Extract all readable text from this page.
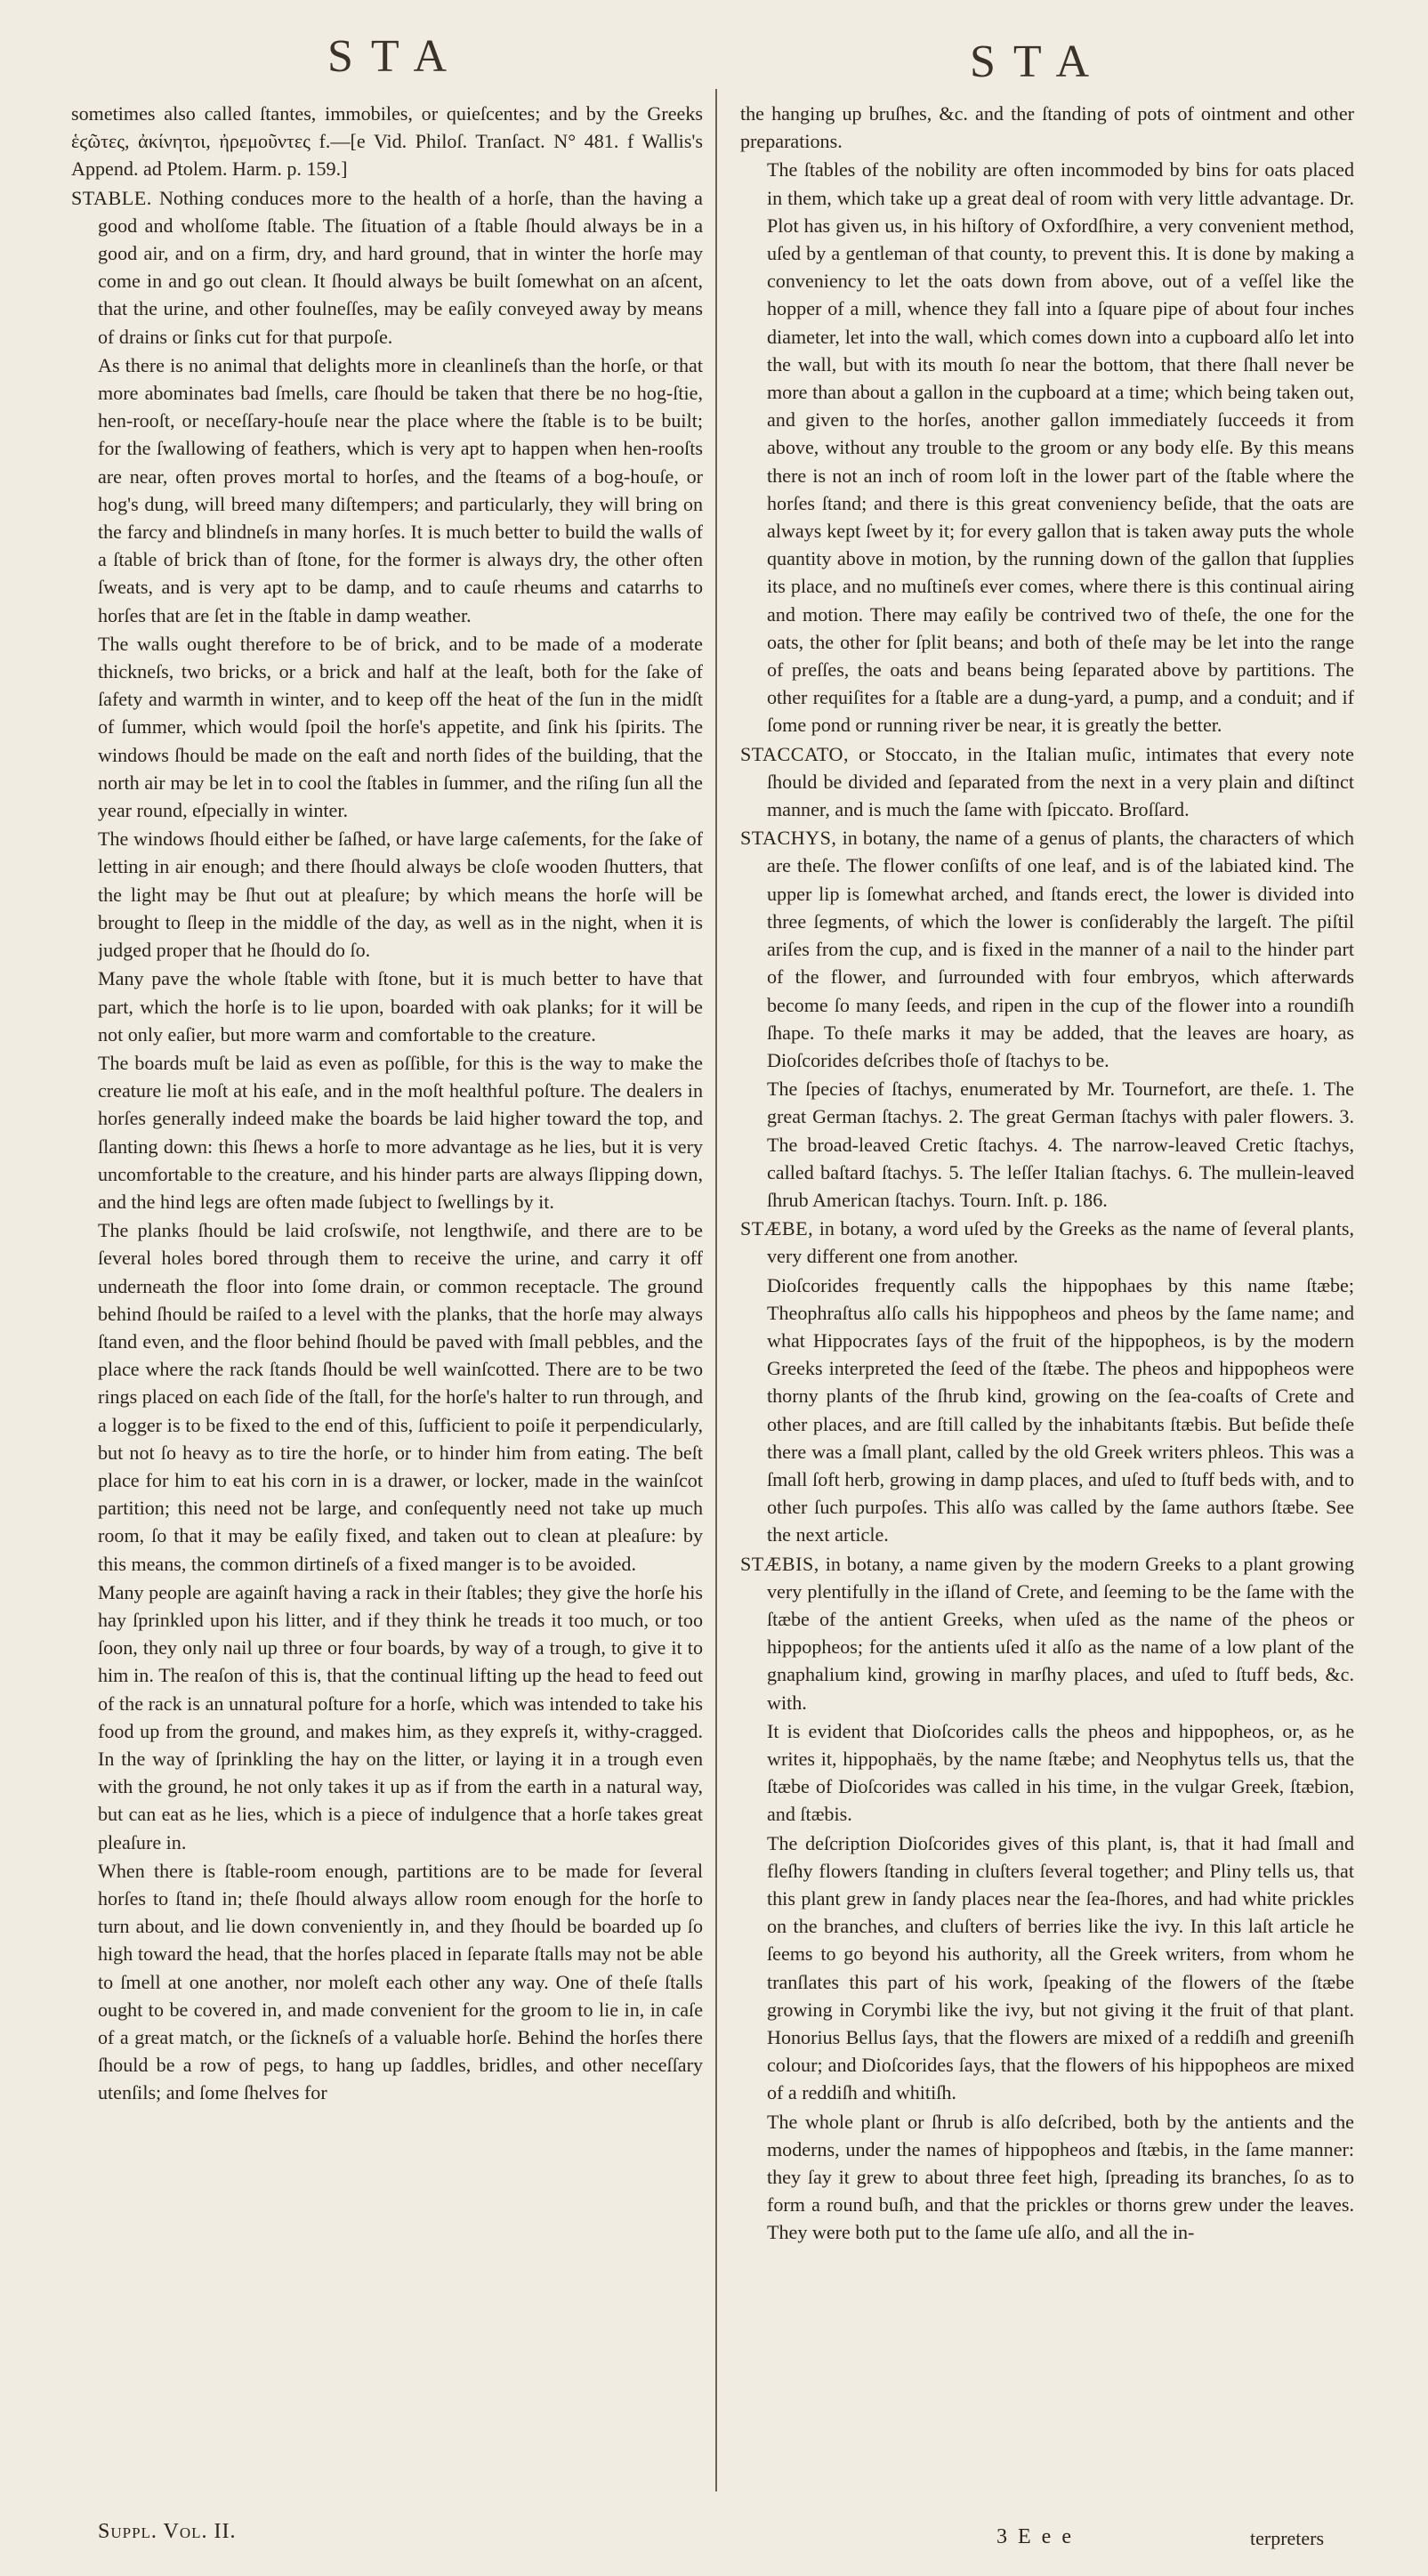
STA	STA

sometimes also called ſtantes, immobiles, or quieſcentes; and by the Greeks ἑϛῶτες, ἀκίνητοι, ἠρεμοῦντες f.—[e Vid. Philoſ. Tranſact. N° 481. f Wallis's Append. ad Ptolem. Harm. p. 159.]

STABLE. Nothing conduces more to the health of a horſe, than the having a good and wholſome ſtable. The ſituation of a ſtable ſhould always be in a good air, and on a firm, dry, and hard ground, that in winter the horſe may come in and go out clean. It ſhould always be built ſomewhat on an aſcent, that the urine, and other foulneſſes, may be eaſily conveyed away by means of drains or ſinks cut for that purpoſe.

As there is no animal that delights more in cleanlineſs than the horſe, or that more abominates bad ſmells, care ſhould be taken that there be no hog-ſtie, hen-rooſt, or neceſſary-houſe near the place where the ſtable is to be built; for the ſwallowing of feathers, which is very apt to happen when hen-rooſts are near, often proves mortal to horſes, and the ſteams of a bog-houſe, or hog's dung, will breed many diſtempers; and particularly, they will bring on the farcy and blindneſs in many horſes. It is much better to build the walls of a ſtable of brick than of ſtone, for the former is always dry, the other often ſweats, and is very apt to be damp, and to cauſe rheums and catarrhs to horſes that are ſet in the ſtable in damp weather.

The walls ought therefore to be of brick, and to be made of a moderate thickneſs, two bricks, or a brick and half at the leaſt, both for the ſake of ſafety and warmth in winter, and to keep off the heat of the ſun in the midſt of ſummer, which would ſpoil the horſe's appetite, and ſink his ſpirits. The windows ſhould be made on the eaſt and north ſides of the building, that the north air may be let in to cool the ſtables in ſummer, and the riſing ſun all the year round, eſpecially in winter.

The windows ſhould either be ſaſhed, or have large caſements, for the ſake of letting in air enough; and there ſhould always be cloſe wooden ſhutters, that the light may be ſhut out at pleaſure; by which means the horſe will be brought to ſleep in the middle of the day, as well as in the night, when it is judged proper that he ſhould do ſo.

Many pave the whole ſtable with ſtone, but it is much better to have that part, which the horſe is to lie upon, boarded with oak planks; for it will be not only eaſier, but more warm and comfortable to the creature.

The boards muſt be laid as even as poſſible, for this is the way to make the creature lie moſt at his eaſe, and in the moſt healthful poſture. The dealers in horſes generally indeed make the boards be laid higher toward the top, and ſlanting down: this ſhews a horſe to more advantage as he lies, but it is very uncomfortable to the creature, and his hinder parts are always ſlipping down, and the hind legs are often made ſubject to ſwellings by it.

The planks ſhould be laid croſswiſe, not lengthwiſe, and there are to be ſeveral holes bored through them to receive the urine, and carry it off underneath the floor into ſome drain, or common receptacle. The ground behind ſhould be raiſed to a level with the planks, that the horſe may always ſtand even, and the floor behind ſhould be paved with ſmall pebbles, and the place where the rack ſtands ſhould be well wainſcotted. There are to be two rings placed on each ſide of the ſtall, for the horſe's halter to run through, and a logger is to be fixed to the end of this, ſufficient to poiſe it perpendicularly, but not ſo heavy as to tire the horſe, or to hinder him from eating. The beſt place for him to eat his corn in is a drawer, or locker, made in the wainſcot partition; this need not be large, and conſequently need not take up much room, ſo that it may be eaſily fixed, and taken out to clean at pleaſure: by this means, the common dirtineſs of a fixed manger is to be avoided.

Many people are againſt having a rack in their ſtables; they give the horſe his hay ſprinkled upon his litter, and if they think he treads it too much, or too ſoon, they only nail up three or four boards, by way of a trough, to give it to him in. The reaſon of this is, that the continual lifting up the head to feed out of the rack is an unnatural poſture for a horſe, which was intended to take his food up from the ground, and makes him, as they expreſs it, withy-cragged. In the way of ſprinkling the hay on the litter, or laying it in a trough even with the ground, he not only takes it up as if from the earth in a natural way, but can eat as he lies, which is a piece of indulgence that a horſe takes great pleaſure in.

When there is ſtable-room enough, partitions are to be made for ſeveral horſes to ſtand in; theſe ſhould always allow room enough for the horſe to turn about, and lie down conveniently in, and they ſhould be boarded up ſo high toward the head, that the horſes placed in ſeparate ſtalls may not be able to ſmell at one another, nor moleſt each other any way. One of theſe ſtalls ought to be covered in, and made convenient for the groom to lie in, in caſe of a great match, or the ſickneſs of a valuable horſe. Behind the horſes there ſhould be a row of pegs, to hang up ſaddles, bridles, and other neceſſary utenſils; and ſome ſhelves for

the hanging up bruſhes, &c. and the ſtanding of pots of ointment and other preparations.

The ſtables of the nobility are often incommoded by bins for oats placed in them, which take up a great deal of room with very little advantage. Dr. Plot has given us, in his hiſtory of Oxfordſhire, a very convenient method, uſed by a gentleman of that county, to prevent this. It is done by making a conveniency to let the oats down from above, out of a veſſel like the hopper of a mill, whence they fall into a ſquare pipe of about four inches diameter, let into the wall, which comes down into a cupboard alſo let into the wall, but with its mouth ſo near the bottom, that there ſhall never be more than about a gallon in the cupboard at a time; which being taken out, and given to the horſes, another gallon immediately ſucceeds it from above, without any trouble to the groom or any body elſe. By this means there is not an inch of room loſt in the lower part of the ſtable where the horſes ſtand; and there is this great conveniency beſide, that the oats are always kept ſweet by it; for every gallon that is taken away puts the whole quantity above in motion, by the running down of the gallon that ſupplies its place, and no muſtineſs ever comes, where there is this continual airing and motion. There may eaſily be contrived two of theſe, the one for the oats, the other for ſplit beans; and both of theſe may be let into the range of preſſes, the oats and beans being ſeparated above by partitions. The other requiſites for a ſtable are a dung-yard, a pump, and a conduit; and if ſome pond or running river be near, it is greatly the better.

STACCATO, or Stoccato, in the Italian muſic, intimates that every note ſhould be divided and ſeparated from the next in a very plain and diſtinct manner, and is much the ſame with ſpiccato. Broſſard.

STACHYS, in botany, the name of a genus of plants, the characters of which are theſe. The flower conſiſts of one leaf, and is of the labiated kind. The upper lip is ſomewhat arched, and ſtands erect, the lower is divided into three ſegments, of which the lower is conſiderably the largeſt. The piſtil ariſes from the cup, and is fixed in the manner of a nail to the hinder part of the flower, and ſurrounded with four embryos, which afterwards become ſo many ſeeds, and ripen in the cup of the flower into a roundiſh ſhape. To theſe marks it may be added, that the leaves are hoary, as Dioſcorides deſcribes thoſe of ſtachys to be.

The ſpecies of ſtachys, enumerated by Mr. Tournefort, are theſe. 1. The great German ſtachys. 2. The great German ſtachys with paler flowers. 3. The broad-leaved Cretic ſtachys. 4. The narrow-leaved Cretic ſtachys, called baſtard ſtachys. 5. The leſſer Italian ſtachys. 6. The mullein-leaved ſhrub American ſtachys. Tourn. Inſt. p. 186.

STÆBE, in botany, a word uſed by the Greeks as the name of ſeveral plants, very different one from another.

Dioſcorides frequently calls the hippophaes by this name ſtæbe; Theophraſtus alſo calls his hippopheos and pheos by the ſame name; and what Hippocrates ſays of the fruit of the hippopheos, is by the modern Greeks interpreted the ſeed of the ſtæbe. The pheos and hippopheos were thorny plants of the ſhrub kind, growing on the ſea-coaſts of Crete and other places, and are ſtill called by the inhabitants ſtæbis. But beſide theſe there was a ſmall plant, called by the old Greek writers phleos. This was a ſmall ſoft herb, growing in damp places, and uſed to ſtuff beds with, and to other ſuch purpoſes. This alſo was called by the ſame authors ſtæbe. See the next article.

STÆBIS, in botany, a name given by the modern Greeks to a plant growing very plentifully in the iſland of Crete, and ſeeming to be the ſame with the ſtæbe of the antient Greeks, when uſed as the name of the pheos or hippopheos; for the antients uſed it alſo as the name of a low plant of the gnaphalium kind, growing in marſhy places, and uſed to ſtuff beds, &c. with.

It is evident that Dioſcorides calls the pheos and hippopheos, or, as he writes it, hippophaës, by the name ſtæbe; and Neophytus tells us, that the ſtæbe of Dioſcorides was called in his time, in the vulgar Greek, ſtæbion, and ſtæbis.

The deſcription Dioſcorides gives of this plant, is, that it had ſmall and fleſhy flowers ſtanding in cluſters ſeveral together; and Pliny tells us, that this plant grew in ſandy places near the ſea-ſhores, and had white prickles on the branches, and cluſters of berries like the ivy. In this laſt article he ſeems to go beyond his authority, all the Greek writers, from whom he tranſlates this part of his work, ſpeaking of the flowers of the ſtæbe growing in Corymbi like the ivy, but not giving it the fruit of that plant. Honorius Bellus ſays, that the flowers are mixed of a reddiſh and greeniſh colour; and Dioſcorides ſays, that the flowers of his hippopheos are mixed of a reddiſh and whitiſh.

The whole plant or ſhrub is alſo deſcribed, both by the antients and the moderns, under the names of hippopheos and ſtæbis, in the ſame manner: they ſay it grew to about three feet high, ſpreading its branches, ſo as to form a round buſh, and that the prickles or thorns grew under the leaves. They were both put to the ſame uſe alſo, and all the in-

Suppl. Vol. II.	3 E e e	terpreters
